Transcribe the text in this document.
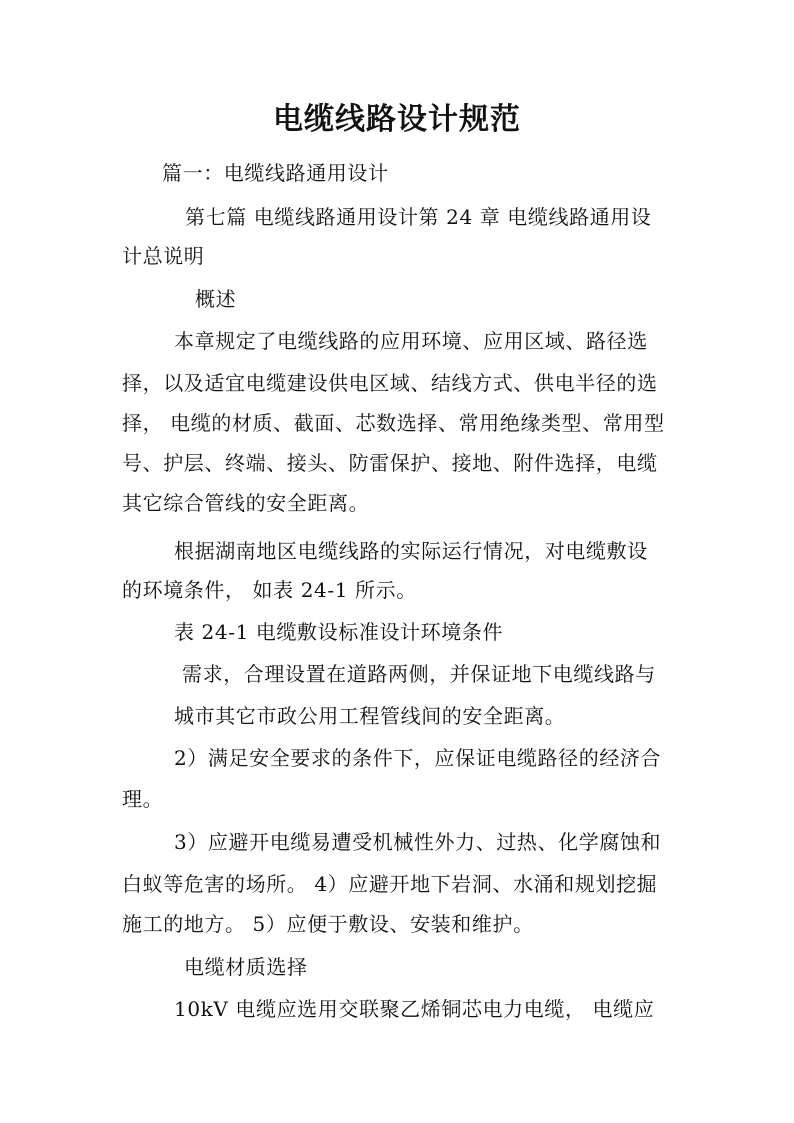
电缆线路设计规范
篇一：电缆线路通用设计
第七篇 电缆线路通用设计第 24 章 电缆线路通用设
计总说明
概述
本章规定了电缆线路的应用环境、应用区域、路径选
择，以及适宜电缆建设供电区域、结线方式、供电半径的选
择， 电缆的材质、截面、芯数选择、常用绝缘类型、常用型
号、护层、终端、接头、防雷保护、接地、附件选择，电缆
其它综合管线的安全距离。
根据湖南地区电缆线路的实际运行情况，对电缆敷设
的环境条件， 如表 24-1 所示。
表 24-1 电缆敷设标准设计环境条件
需求，合理设置在道路两侧，并保证地下电缆线路与
城市其它市政公用工程管线间的安全距离。
2）满足安全要求的条件下，应保证电缆路径的经济合
理。
3）应避开电缆易遭受机械性外力、过热、化学腐蚀和
白蚁等危害的场所。 4）应避开地下岩洞、水涌和规划挖掘
施工的地方。 5）应便于敷设、安装和维护。
电缆材质选择
10kV 电缆应选用交联聚乙烯铜芯电力电缆， 电缆应
